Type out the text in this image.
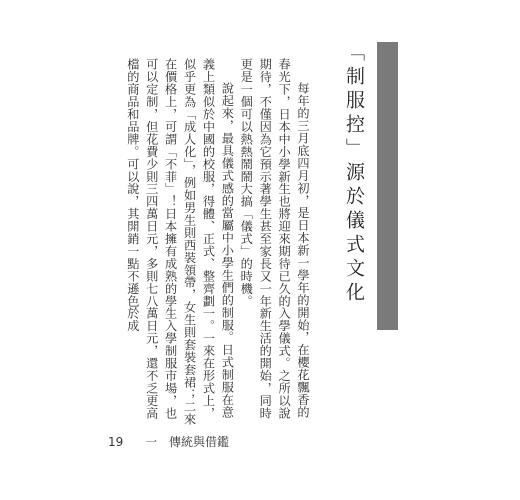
「制服控」源於儀式文化

每年的三月底四月初，是日本新一學年的開始，在櫻花飄香的春光下，日本中小學新生也將迎來期待已久的入學儀式。之所以說期待，不僅因為它預示著學生甚至家長又一年新生活的開始，同時更是一個可以熱熱鬧鬧大搞「儀式」的時機。

說起來，最具儀式感的當屬中小學生們的制服。日式制服在意義上類似於中國的校服，得體、正式、整齊劃一。一來在形式上，似乎更為「成人化」，例如男生則西裝領帶，女生則套裝套裙；二來在價格上，可謂「不菲」！日本擁有成熟的學生入學制服市場，也可以定制，但花費少則三四萬日元，多則七八萬日元，還不乏更高檔的商品和品牌。可以說，其開銷一點不遜色於成

19 一 傳統與借鑑
